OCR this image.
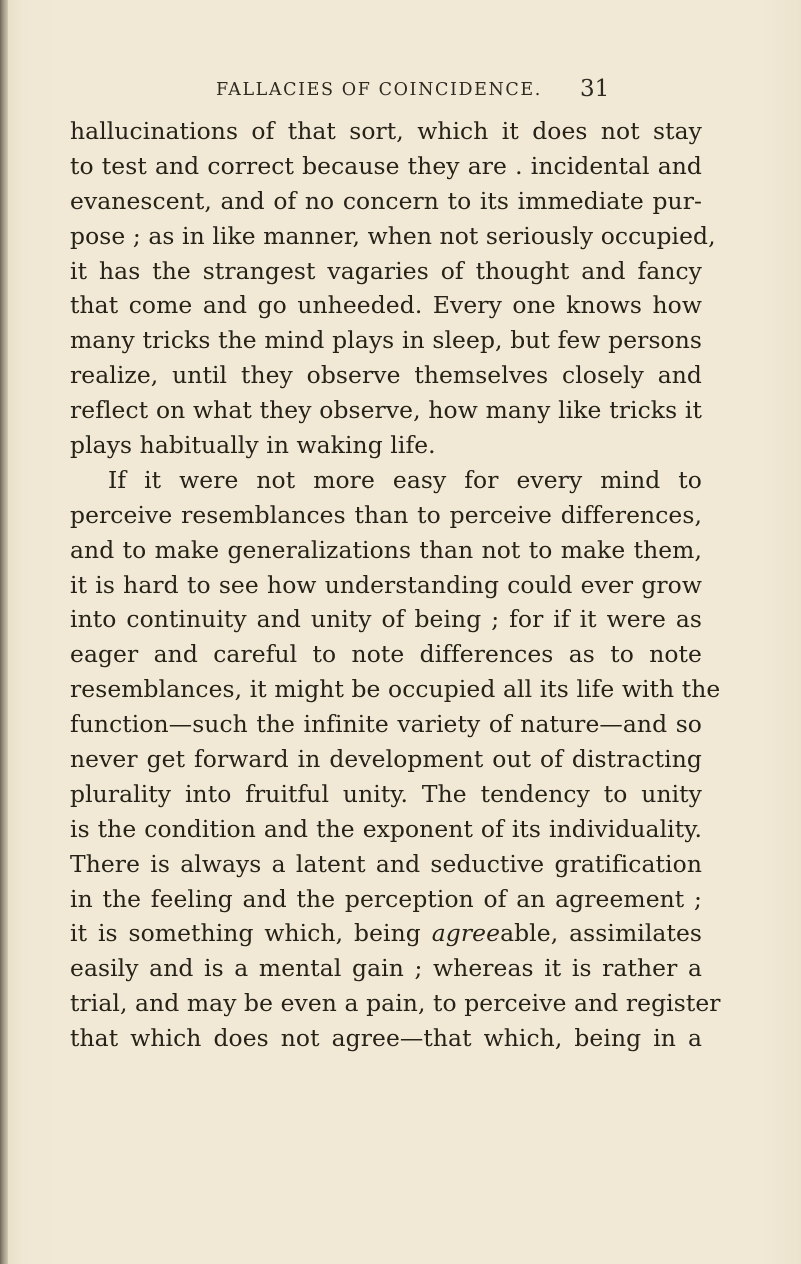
FALLACIES OF COINCIDENCE. 31
hallucinations of that sort, which it does not stay
to test and correct because they are . incidental and
evanescent, and of no concern to its immediate pur-
pose ; as in like manner, when not seriously occupied,
it has the strangest vagaries of thought and fancy
that come and go unheeded. Every one knows how
many tricks the mind plays in sleep, but few persons
realize, until they observe themselves closely and
reflect on what they observe, how many like tricks it
plays habitually in waking life.
If it were not more easy for every mind to
perceive resemblances than to perceive differences,
and to make generalizations than not to make them,
it is hard to see how understanding could ever grow
into continuity and unity of being ; for if it were as
eager and careful to note differences as to note
resemblances, it might be occupied all its life with the
function—such the infinite variety of nature—and so
never get forward in development out of distracting
plurality into fruitful unity. The tendency to unity
is the condition and the exponent of its individuality.
There is always a latent and seductive gratification
in the feeling and the perception of an agreement ;
it is something which, being agreeable, assimilates
easily and is a mental gain ; whereas it is rather a
trial, and may be even a pain, to perceive and register
that which does not agree—that which, being in a
